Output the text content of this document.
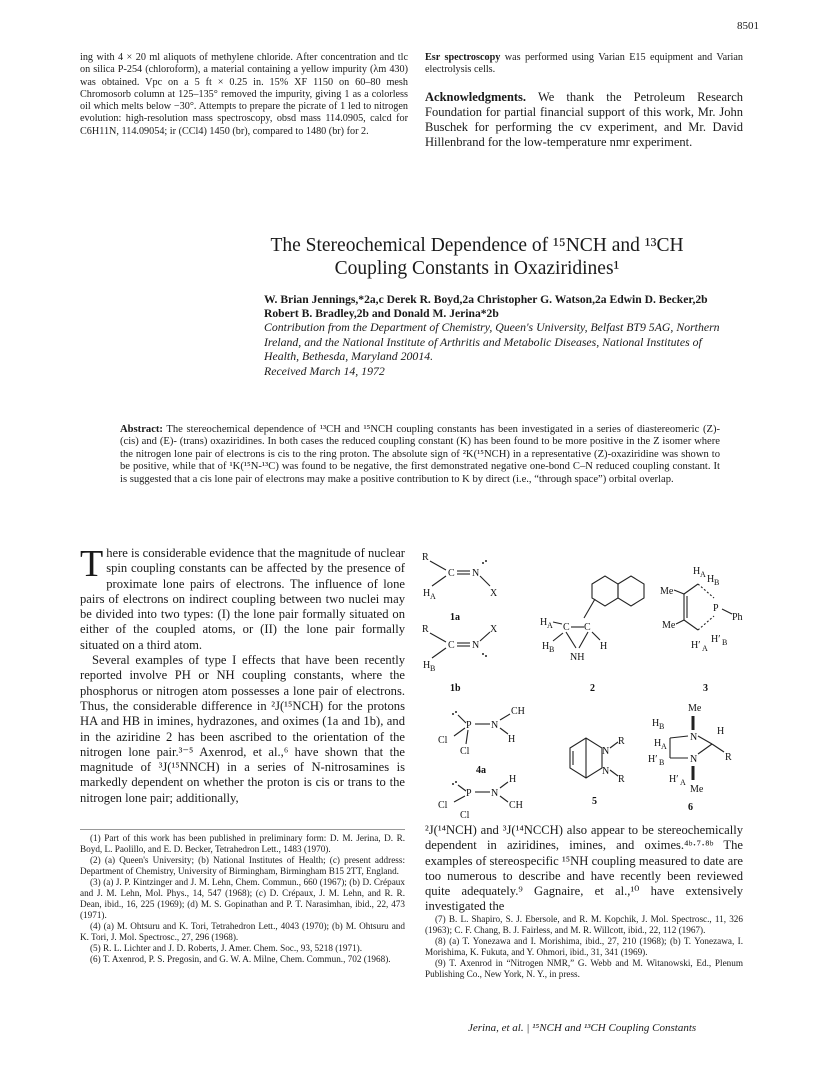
8501

ing with 4 × 20 ml aliquots of methylene chloride. After concentration and tlc on silica P-254 (chloroform), a material containing a yellow impurity (λm 430) was obtained. Vpc on a 5 ft × 0.25 in. 15% XF 1150 on 60–80 mesh Chromosorb column at 125–135° removed the impurity, giving 1 as a colorless oil which melts below −30°. Attempts to prepare the picrate of 1 led to nitrogen evolution: high-resolution mass spectroscopy, obsd mass 114.0905, calcd for C6H11N, 114.09054; ir (CCl4) 1450 (br), compared to 1480 (br) for 2.

Esr spectroscopy was performed using Varian E15 equipment and Varian electrolysis cells.

Acknowledgments. We thank the Petroleum Research Foundation for partial financial support of this work, Mr. John Buschek for performing the cv experiment, and Mr. David Hillenbrand for the low-temperature nmr experiment.

The Stereochemical Dependence of ¹⁵NCH and ¹³CH Coupling Constants in Oxaziridines¹
W. Brian Jennings,*2a,c Derek R. Boyd,2a Christopher G. Watson,2a Edwin D. Becker,2b Robert B. Bradley,2b and Donald M. Jerina*2b
Contribution from the Department of Chemistry, Queen's University, Belfast BT9 5AG, Northern Ireland, and the National Institute of Arthritis and Metabolic Diseases, National Institutes of Health, Bethesda, Maryland 20014.
Received March 14, 1972
Abstract: The stereochemical dependence of ¹³CH and ¹⁵NCH coupling constants has been investigated in a series of diastereomeric (Z)- (cis) and (E)- (trans) oxaziridines. In both cases the reduced coupling constant (K) has been found to be more positive in the Z isomer where the nitrogen lone pair of electrons is cis to the ring proton. The absolute sign of ²K(¹⁵NCH) in a representative (Z)-oxaziridine was shown to be positive, while that of ¹K(¹⁵N-¹³C) was found to be negative, the first demonstrated negative one-bond C–N reduced coupling constant. It is suggested that a cis lone pair of electrons may make a positive contribution to K by direct (i.e., “through space”) orbital overlap.

There is considerable evidence that the magnitude of nuclear spin coupling constants can be affected by the presence of proximate lone pairs of electrons. The influence of lone pairs of electrons on indirect coupling between two nuclei may be divided into two types: (I) the lone pair formally situated on either of the coupled atoms, or (II) the lone pair formally situated on a third atom.

Several examples of type I effects that have been recently reported involve PH or NH coupling constants, where the phosphorus or nitrogen atom possesses a lone pair of electrons. Thus, the considerable difference in ²J(¹⁵NCH) for the protons HA and HB in imines, hydrazones, and oximes (1a and 1b), and in the aziridine 2 has been ascribed to the orientation of the nitrogen lone pair.³⁻⁵ Axenrod, et al.,⁶ have shown that the magnitude of ³J(¹⁵NNCH) in a series of N-nitrosamines is markedly dependent on whether the proton is cis or trans to the nitrogen lone pair; additionally,

(1) Part of this work has been published in preliminary form: D. M. Jerina, D. R. Boyd, L. Paolillo, and E. D. Becker, Tetrahedron Lett., 1483 (1970).

(2) (a) Queen's University; (b) National Institutes of Health; (c) present address: Department of Chemistry, University of Birmingham, Birmingham B15 2TT, England.

(3) (a) J. P. Kintzinger and J. M. Lehn, Chem. Commun., 660 (1967); (b) D. Crépaux and J. M. Lehn, Mol. Phys., 14, 547 (1968); (c) D. Crépaux, J. M. Lehn, and R. R. Dean, ibid., 16, 225 (1969); (d) M. S. Gopinathan and P. T. Narasimhan, ibid., 22, 473 (1971).

(4) (a) M. Ohtsuru and K. Tori, Tetrahedron Lett., 4043 (1970); (b) M. Ohtsuru and K. Tori, J. Mol. Spectrosc., 27, 296 (1968).

(5) R. L. Lichter and J. D. Roberts, J. Amer. Chem. Soc., 93, 5218 (1971).

(6) T. Axenrod, P. S. Pregosin, and G. W. A. Milne, Chem. Commun., 702 (1968).

²J(¹⁴NCH) and ³J(¹⁴NCCH) also appear to be stereochemically dependent in aziridines, imines, and oximes.⁴ᵇ·⁷·⁸ᵇ The examples of stereospecific ¹⁵NH coupling measured to date are too numerous to describe and have recently been reviewed quite adequately.⁹ Gagnaire, et al.,¹⁰ have extensively investigated the

(7) B. L. Shapiro, S. J. Ebersole, and R. M. Kopchik, J. Mol. Spectrosc., 11, 326 (1963); C. F. Chang, B. J. Fairless, and M. R. Willcott, ibid., 22, 112 (1967).

(8) (a) T. Yonezawa and I. Morishima, ibid., 27, 210 (1968); (b) T. Yonezawa, I. Morishima, K. Fukuta, and Y. Ohmori, ibid., 31, 341 (1969).

(9) T. Axenrod in “Nitrogen NMR,” G. Webb and M. Witanowski, Ed., Plenum Publishing Co., New York, N. Y., in press.

Jerina, et al. | ¹⁵NCH and ¹³CH Coupling Constants
R
C N
H A	X
1a
R
C N
X
H B
1b
H A C C
NH
H B	H
2
Me
P
Ph
H A H B
Me
H′ B
H′ A
3
P N
CH
H
Cl
Cl
4a
P N
H
CH
Cl
Cl
N
R
N
R
5
Me
H B
N
H
R
H A
H′ B	N
H′ A
Me
6
